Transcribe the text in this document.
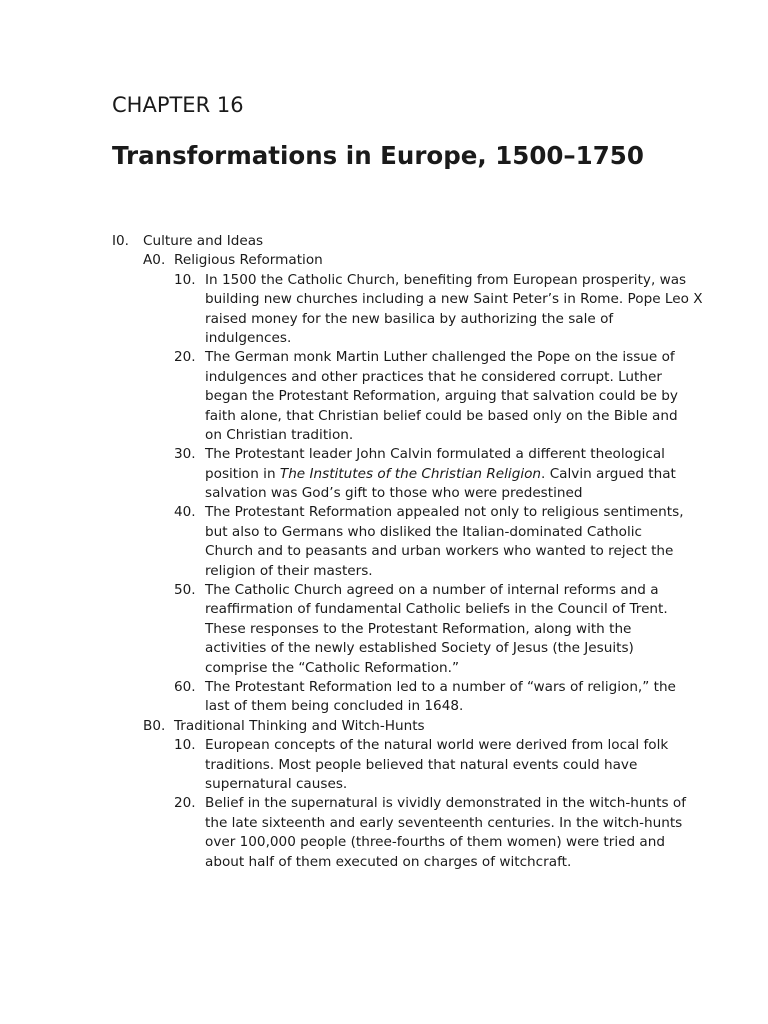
CHAPTER 16
Transformations in Europe, 1500–1750
I0. Culture and Ideas
A0. Religious Reformation
10. In 1500 the Catholic Church, benefiting from European prosperity, was
building new churches including a new Saint Peter’s in Rome. Pope Leo X
raised money for the new basilica by authorizing the sale of
indulgences.
20. The German monk Martin Luther challenged the Pope on the issue of
indulgences and other practices that he considered corrupt. Luther
began the Protestant Reformation, arguing that salvation could be by
faith alone, that Christian belief could be based only on the Bible and
on Christian tradition.
30. The Protestant leader John Calvin formulated a different theological
position in The Institutes of the Christian Religion. Calvin argued that
salvation was God’s gift to those who were predestined
40. The Protestant Reformation appealed not only to religious sentiments,
but also to Germans who disliked the Italian-dominated Catholic
Church and to peasants and urban workers who wanted to reject the
religion of their masters.
50. The Catholic Church agreed on a number of internal reforms and a
reaffirmation of fundamental Catholic beliefs in the Council of Trent.
These responses to the Protestant Reformation, along with the
activities of the newly established Society of Jesus (the Jesuits)
comprise the “Catholic Reformation.”
60. The Protestant Reformation led to a number of “wars of religion,” the
last of them being concluded in 1648.
B0. Traditional Thinking and Witch-Hunts
10. European concepts of the natural world were derived from local folk
traditions. Most people believed that natural events could have
supernatural causes.
20. Belief in the supernatural is vividly demonstrated in the witch-hunts of
the late sixteenth and early seventeenth centuries. In the witch-hunts
over 100,000 people (three-fourths of them women) were tried and
about half of them executed on charges of witchcraft.
